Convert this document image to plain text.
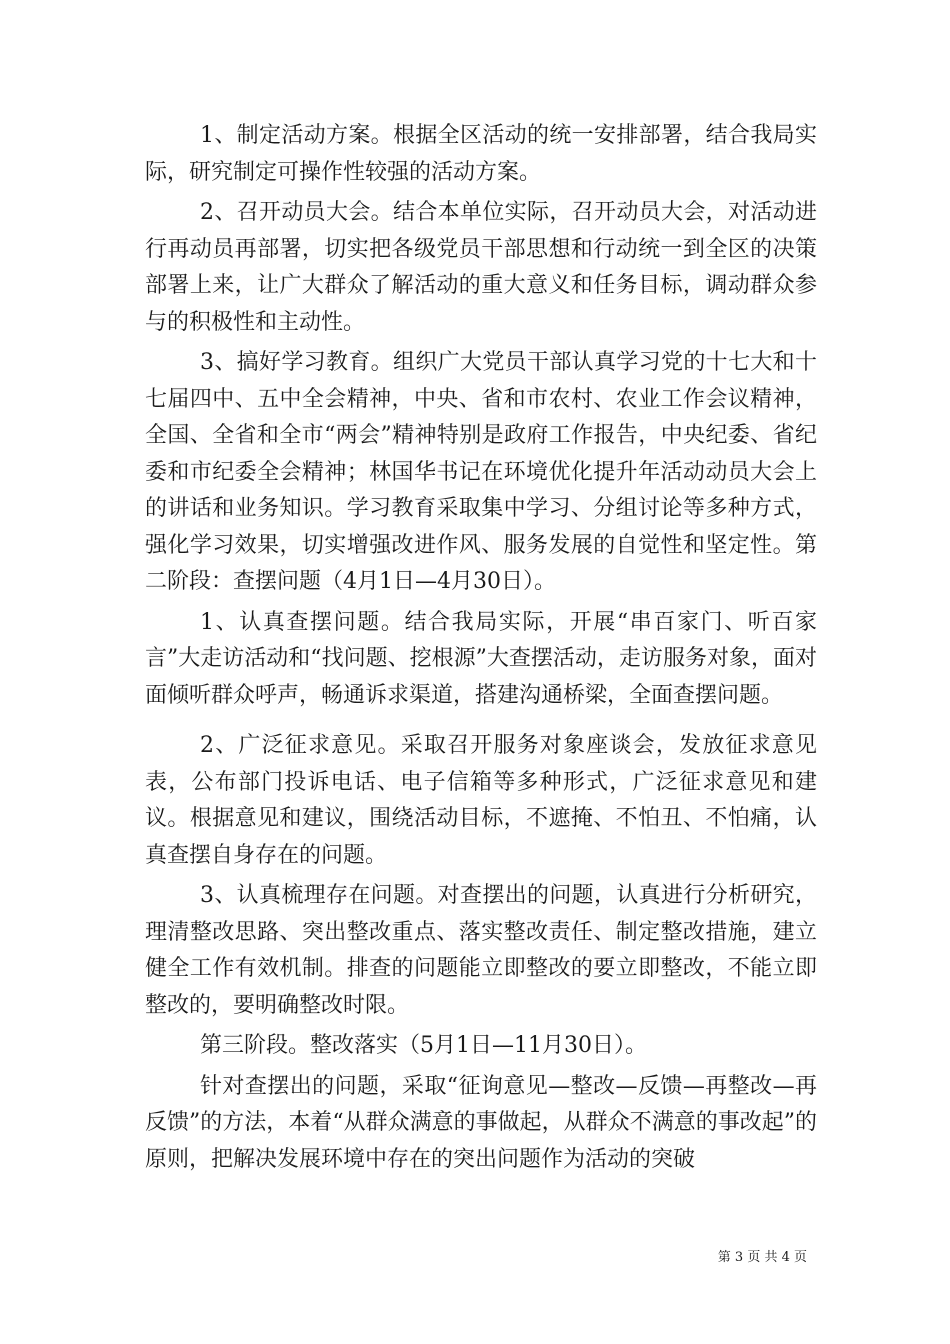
1、制定活动方案。根据全区活动的统一安排部署，结合我局实际，研究制定可操作性较强的活动方案。

2、召开动员大会。结合本单位实际，召开动员大会，对活动进行再动员再部署，切实把各级党员干部思想和行动统一到全区的决策部署上来，让广大群众了解活动的重大意义和任务目标，调动群众参与的积极性和主动性。

3、搞好学习教育。组织广大党员干部认真学习党的十七大和十七届四中、五中全会精神，中央、省和市农村、农业工作会议精神，全国、全省和全市“两会”精神特别是政府工作报告，中央纪委、省纪委和市纪委全会精神；林国华书记在环境优化提升年活动动员大会上的讲话和业务知识。学习教育采取集中学习、分组讨论等多种方式，强化学习效果，切实增强改进作风、服务发展的自觉性和坚定性。第二阶段：查摆问题（4月1日—4月30日）。

1、认真查摆问题。结合我局实际，开展“串百家门、听百家言”大走访活动和“找问题、挖根源”大查摆活动，走访服务对象，面对面倾听群众呼声，畅通诉求渠道，搭建沟通桥梁，全面查摆问题。

2、广泛征求意见。采取召开服务对象座谈会，发放征求意见表，公布部门投诉电话、电子信箱等多种形式，广泛征求意见和建议。根据意见和建议，围绕活动目标，不遮掩、不怕丑、不怕痛，认真查摆自身存在的问题。

3、认真梳理存在问题。对查摆出的问题，认真进行分析研究，理清整改思路、突出整改重点、落实整改责任、制定整改措施，建立健全工作有效机制。排查的问题能立即整改的要立即整改，不能立即整改的，要明确整改时限。

第三阶段。整改落实（5月1日—11月30日）。

针对查摆出的问题，采取“征询意见—整改—反馈—再整改—再反馈”的方法，本着“从群众满意的事做起，从群众不满意的事改起”的原则，把解决发展环境中存在的突出问题作为活动的突破

第 3 页 共 4 页
